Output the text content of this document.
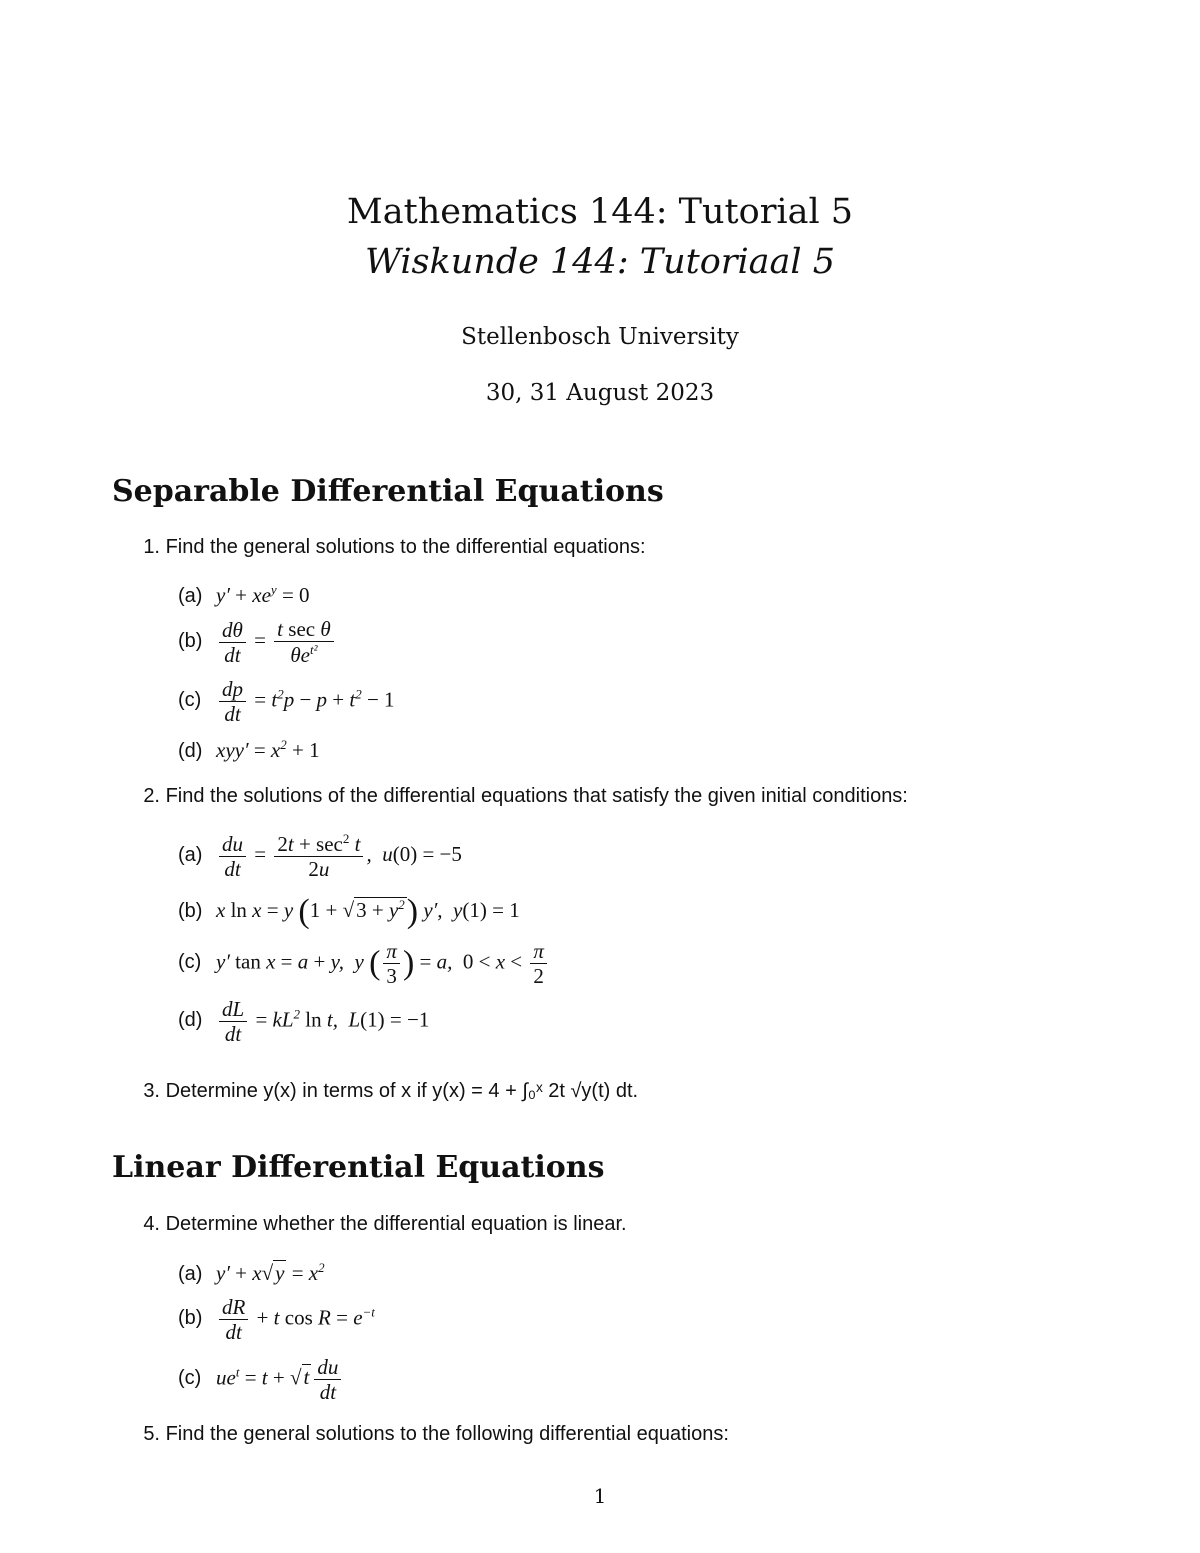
Mathematics 144: Tutorial 5
Wiskunde 144: Tutoriaal 5
Stellenbosch University
30, 31 August 2023
Separable Differential Equations
1. Find the general solutions to the differential equations:
(a) $y' + xe^y = 0$
$(b) \frac{d\theta}{dt} = \frac{\text{t sec θ}}{\theta e^{t^2}}$
$(c) \frac{dp}{dt} = t^2p - p + t^2 - 1$
(d) $xyy' = x^2 + 1$
2. Find the solutions of the differential equations that satisfy the given initial conditions:
$(a) \frac{du}{dt} = \frac{2t + \sec^2 t}{2u}$ ,  u(0) = −5
(b) x ln x = y $(1 + √3 + y^2)$ y′,  y(1) = 1
(c) y′ tan x = a + y,  y ( $\frac{\pi}{3}$ ) = a,  $0 < x < \frac{\pi}{2}$
$(d) \frac{dL}{dt} = kL^2$ ln t,  L(1) = −1
3. Determine y(x) in terms of x if y(x) = 4 + ∫₀ˣ 2t √y(t) dt.
Linear Differential Equations
4. Determine whether the differential equation is linear.
(a) $y' + x√y = x^2$
$(b) \frac{dR}{dt} + t$ $\cos R = e^{-t}$
(c) $ue^t = t + √t \frac{du}{dt}$
5. Find the general solutions to the following differential equations:
1
